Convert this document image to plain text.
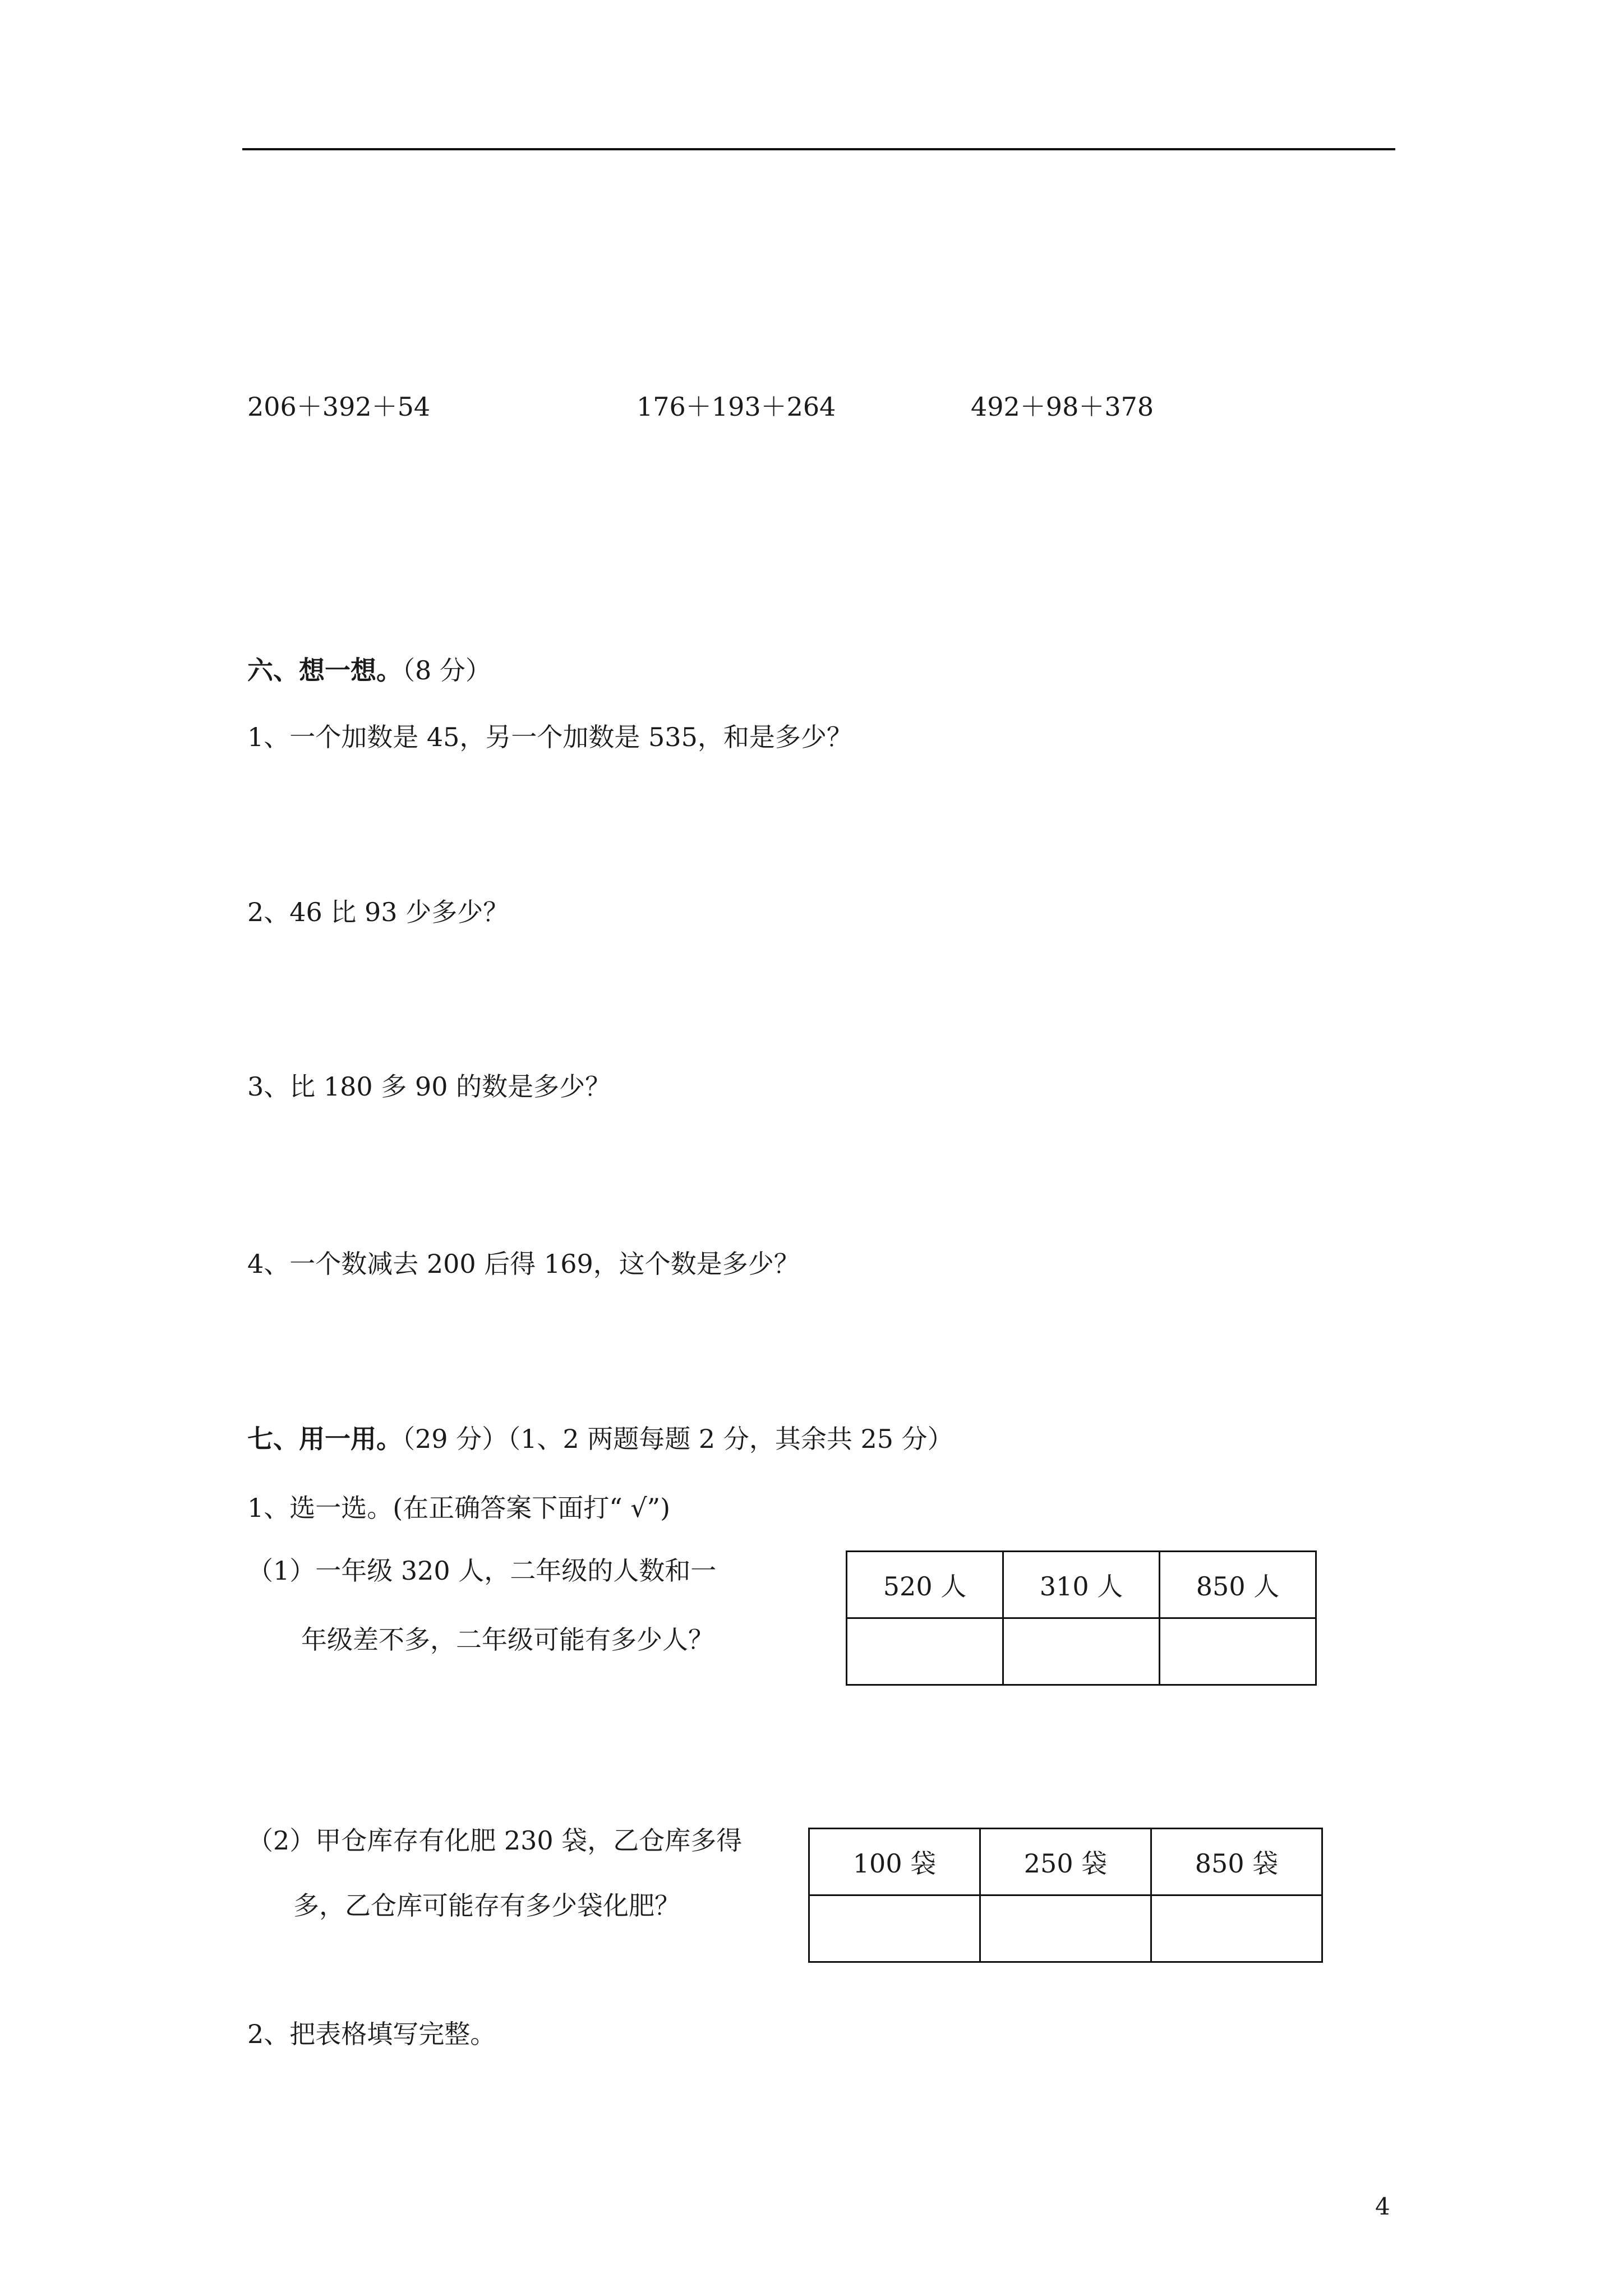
206＋392＋54	176＋193＋264	492＋98＋378
六、想一想。（8 分）
1、一个加数是 45，另一个加数是 535，和是多少？
2、46 比 93 少多少？
3、比 180 多 90 的数是多少？
4、一个数减去 200 后得 169，这个数是多少？
七、用一用。（29 分）（1、2 两题每题 2 分，其余共 25 分）
1、选一选。(在正确答案下面打“ √”)
（1）一年级 320 人，二年级的人数和一
年级差不多，二年级可能有多少人？
520 人	310 人	850 人

（2）甲仓库存有化肥 230 袋，乙仓库多得
多，乙仓库可能存有多少袋化肥？
100 袋	250 袋	850 袋

2、把表格填写完整。
4
